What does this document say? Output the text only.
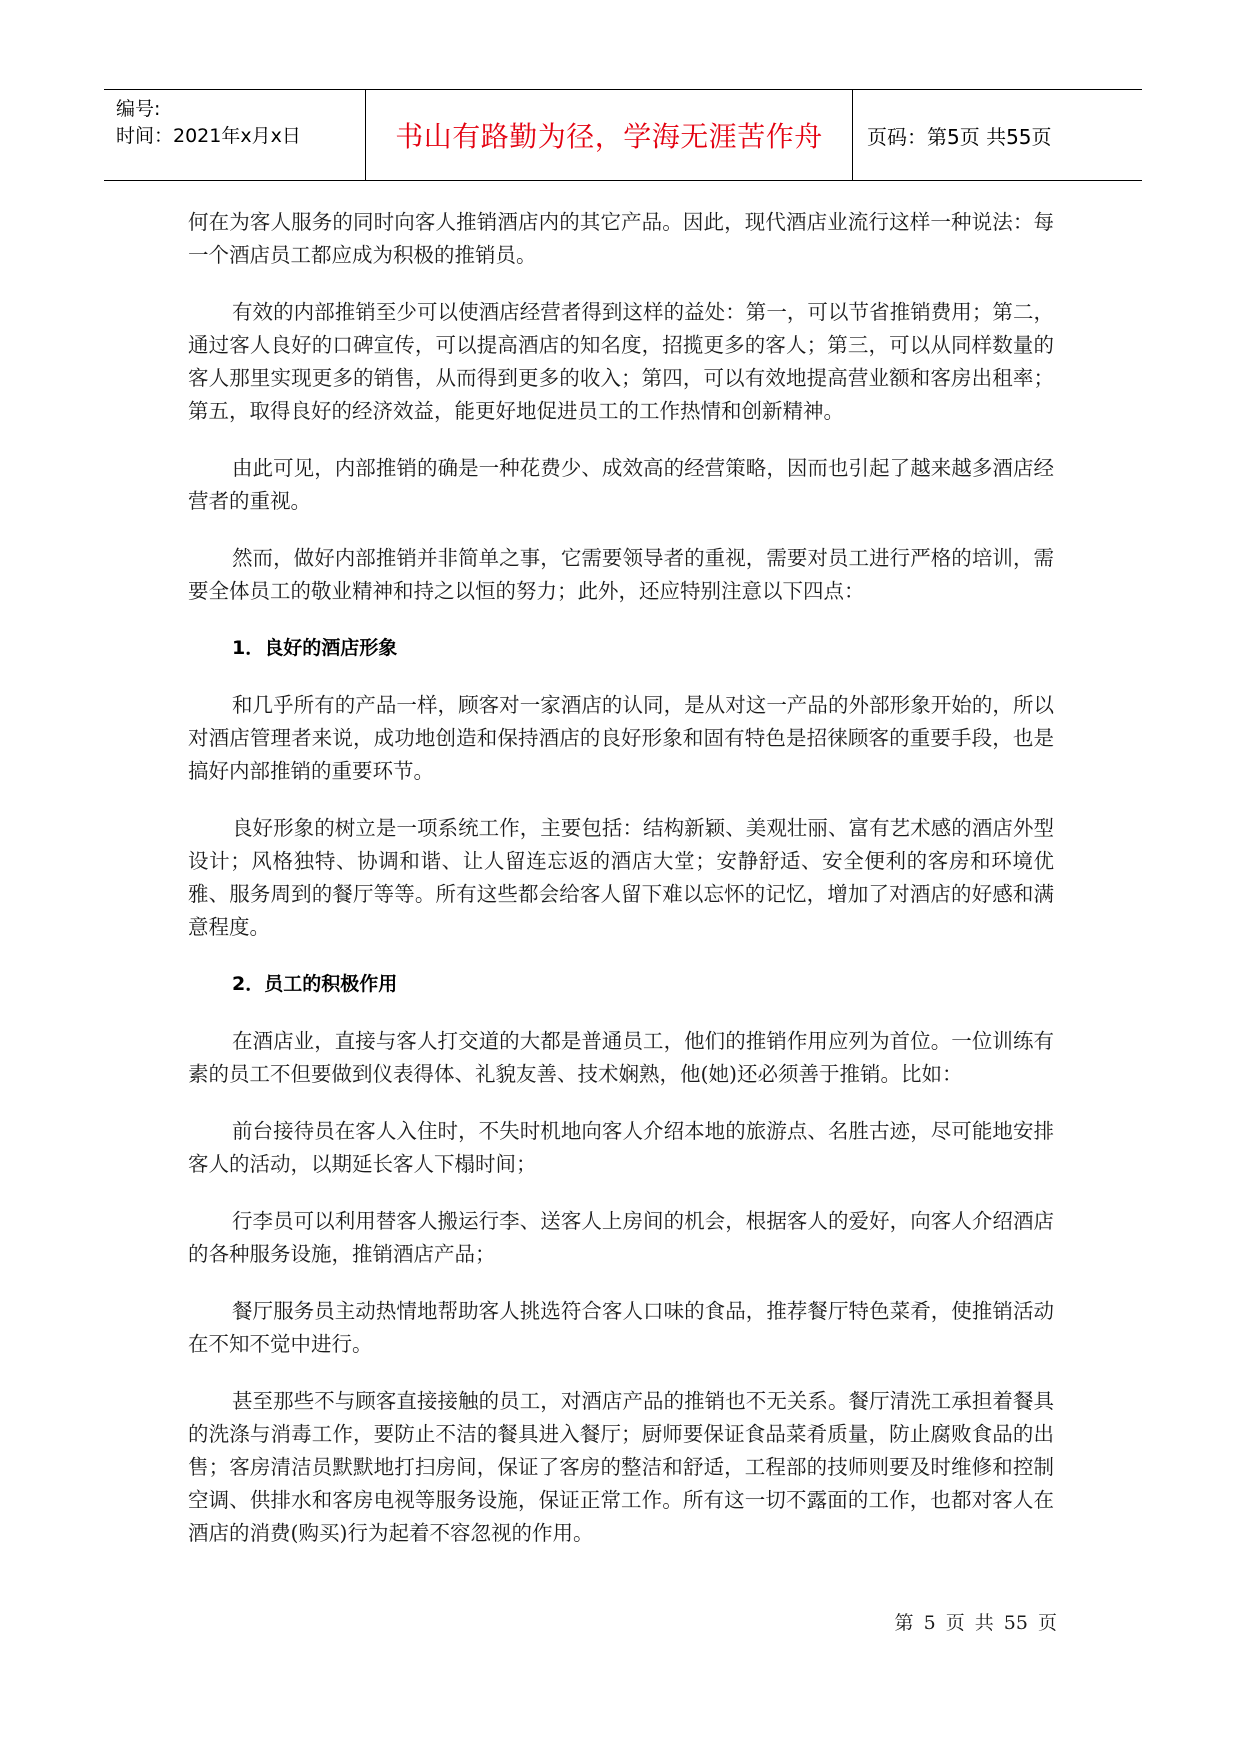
编号:
时间：2021年x月x日	书山有路勤为径，学海无涯苦作舟 页码：第5页 共55页

何在为客人服务的同时向客人推销酒店内的其它产品。因此，现代酒店业流行这样一种说法：每一个酒店员工都应成为积极的推销员。

有效的内部推销至少可以使酒店经营者得到这样的益处：第一，可以节省推销费用；第二，通过客人良好的口碑宣传，可以提高酒店的知名度，招揽更多的客人；第三，可以从同样数量的客人那里实现更多的销售，从而得到更多的收入；第四，可以有效地提高营业额和客房出租率；第五，取得良好的经济效益，能更好地促进员工的工作热情和创新精神。

由此可见，内部推销的确是一种花费少、成效高的经营策略，因而也引起了越来越多酒店经营者的重视。

然而，做好内部推销并非简单之事，它需要领导者的重视，需要对员工进行严格的培训，需要全体员工的敬业精神和持之以恒的努力；此外，还应特别注意以下四点：

1．良好的酒店形象

和几乎所有的产品一样，顾客对一家酒店的认同，是从对这一产品的外部形象开始的，所以对酒店管理者来说，成功地创造和保持酒店的良好形象和固有特色是招徕顾客的重要手段，也是搞好内部推销的重要环节。

良好形象的树立是一项系统工作，主要包括：结构新颖、美观壮丽、富有艺术感的酒店外型设计；风格独特、协调和谐、让人留连忘返的酒店大堂；安静舒适、安全便利的客房和环境优雅、服务周到的餐厅等等。所有这些都会给客人留下难以忘怀的记忆，增加了对酒店的好感和满意程度。

2．员工的积极作用

在酒店业，直接与客人打交道的大都是普通员工，他们的推销作用应列为首位。一位训练有素的员工不但要做到仪表得体、礼貌友善、技术娴熟，他(她)还必须善于推销。比如：

前台接待员在客人入住时，不失时机地向客人介绍本地的旅游点、名胜古迹，尽可能地安排客人的活动，以期延长客人下榻时间；

行李员可以利用替客人搬运行李、送客人上房间的机会，根据客人的爱好，向客人介绍酒店的各种服务设施，推销酒店产品；

餐厅服务员主动热情地帮助客人挑选符合客人口味的食品，推荐餐厅特色菜肴，使推销活动在不知不觉中进行。

甚至那些不与顾客直接接触的员工，对酒店产品的推销也不无关系。餐厅清洗工承担着餐具的洗涤与消毒工作，要防止不洁的餐具进入餐厅；厨师要保证食品菜肴质量，防止腐败食品的出售；客房清洁员默默地打扫房间，保证了客房的整洁和舒适，工程部的技师则要及时维修和控制空调、供排水和客房电视等服务设施，保证正常工作。所有这一切不露面的工作，也都对客人在酒店的消费(购买)行为起着不容忽视的作用。

第 5 页 共 55 页
